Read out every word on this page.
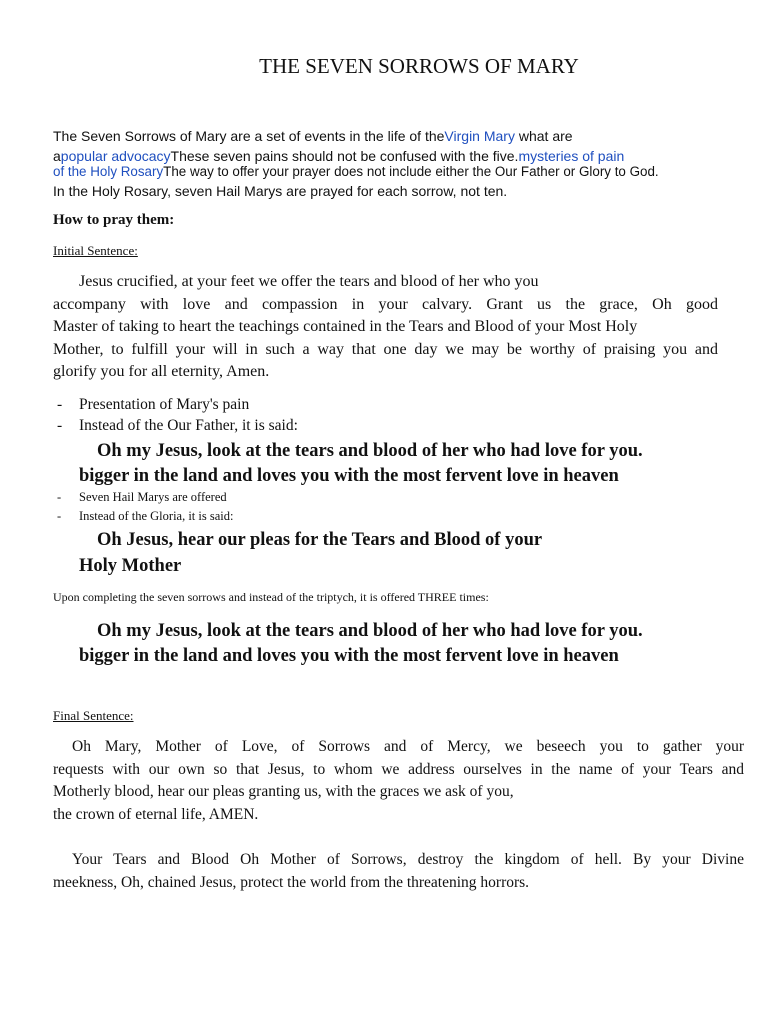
THE SEVEN SORROWS OF MARY
The Seven Sorrows of Mary are a set of events in the life of theVirgin Mary what are
apopular advocacyThese seven pains should not be confused with the five.mysteries of pain
of the Holy RosaryThe way to offer your prayer does not include either the Our Father or Glory to God.
In the Holy Rosary, seven Hail Marys are prayed for each sorrow, not ten.
How to pray them:
Initial Sentence:
Jesus crucified, at your feet we offer the tears and blood of her who you
accompany with love and compassion in your calvary. Grant us the grace, Oh good
Master of taking to heart the teachings contained in the Tears and Blood of your Most Holy
Mother, to fulfill your will in such a way that one day we may be worthy of praising you and
glorify you for all eternity, Amen.
- Presentation of Mary's pain
- Instead of the Our Father, it is said:
Oh my Jesus, look at the tears and blood of her who had love for you.
bigger in the land and loves you with the most fervent love in heaven
- Seven Hail Marys are offered
- Instead of the Gloria, it is said:
Oh Jesus, hear our pleas for the Tears and Blood of your
Holy Mother
Upon completing the seven sorrows and instead of the triptych, it is offered THREE times:
Oh my Jesus, look at the tears and blood of her who had love for you.
bigger in the land and loves you with the most fervent love in heaven
Final Sentence:
Oh Mary, Mother of Love, of Sorrows and of Mercy, we beseech you to gather your
requests with our own so that Jesus, to whom we address ourselves in the name of your Tears and
Motherly blood, hear our pleas granting us, with the graces we ask of you,
the crown of eternal life, AMEN.
Your Tears and Blood Oh Mother of Sorrows, destroy the kingdom of hell. By your Divine
meekness, Oh, chained Jesus, protect the world from the threatening horrors.
